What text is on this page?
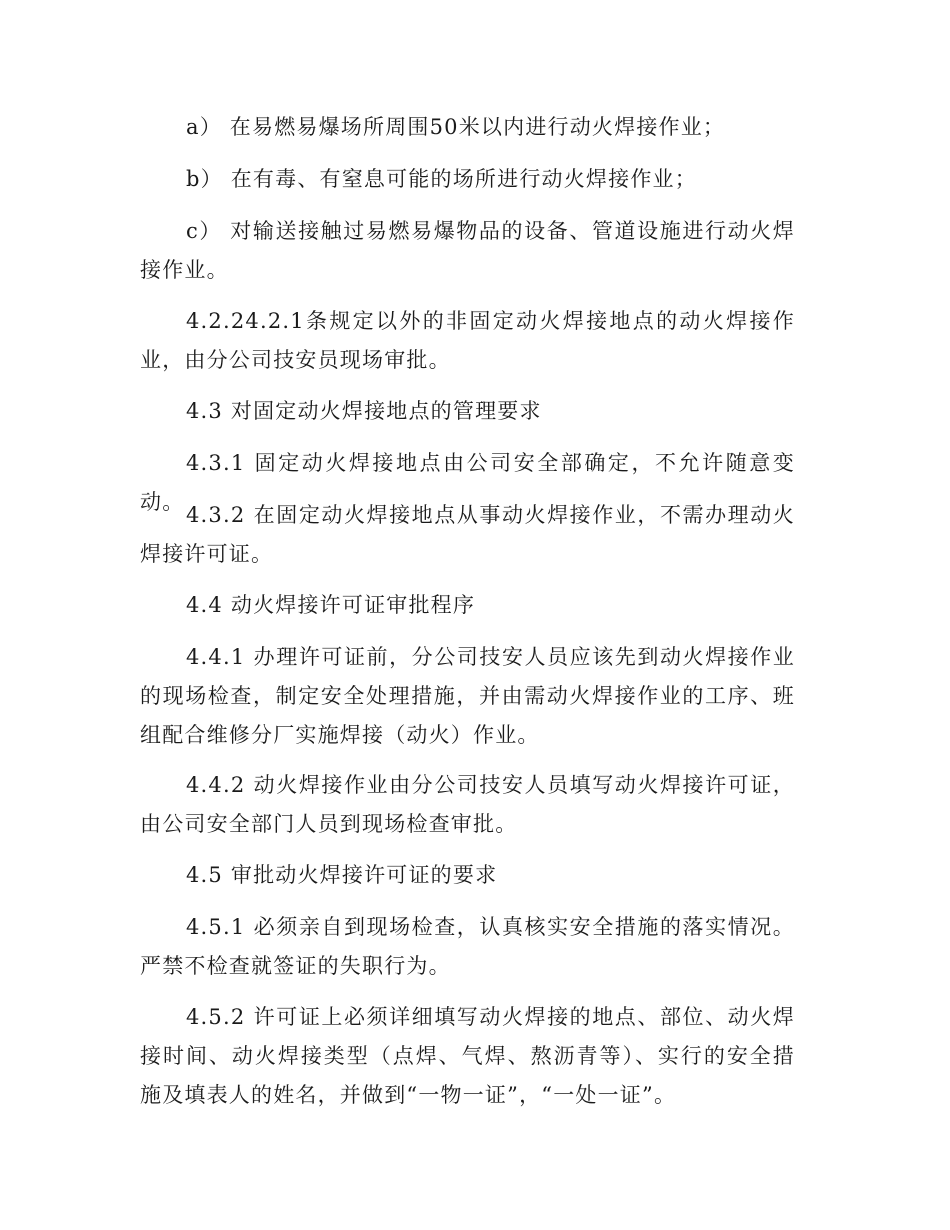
a） 在易燃易爆场所周围50米以内进行动火焊接作业；

b） 在有毒、有窒息可能的场所进行动火焊接作业；

c） 对输送接触过易燃易爆物品的设备、管道设施进行动火焊接作业。

4.2.24.2.1条规定以外的非固定动火焊接地点的动火焊接作业，由分公司技安员现场审批。

4.3 对固定动火焊接地点的管理要求

4.3.1 固定动火焊接地点由公司安全部确定，不允许随意变动。

4.3.2 在固定动火焊接地点从事动火焊接作业，不需办理动火焊接许可证。

4.4 动火焊接许可证审批程序

4.4.1 办理许可证前，分公司技安人员应该先到动火焊接作业的现场检查，制定安全处理措施，并由需动火焊接作业的工序、班组配合维修分厂实施焊接（动火）作业。

4.4.2 动火焊接作业由分公司技安人员填写动火焊接许可证，由公司安全部门人员到现场检查审批。

4.5 审批动火焊接许可证的要求

4.5.1 必须亲自到现场检查，认真核实安全措施的落实情况。严禁不检查就签证的失职行为。

4.5.2 许可证上必须详细填写动火焊接的地点、部位、动火焊接时间、动火焊接类型（点焊、气焊、熬沥青等）、实行的安全措施及填表人的姓名，并做到“一物一证”，“一处一证”。
